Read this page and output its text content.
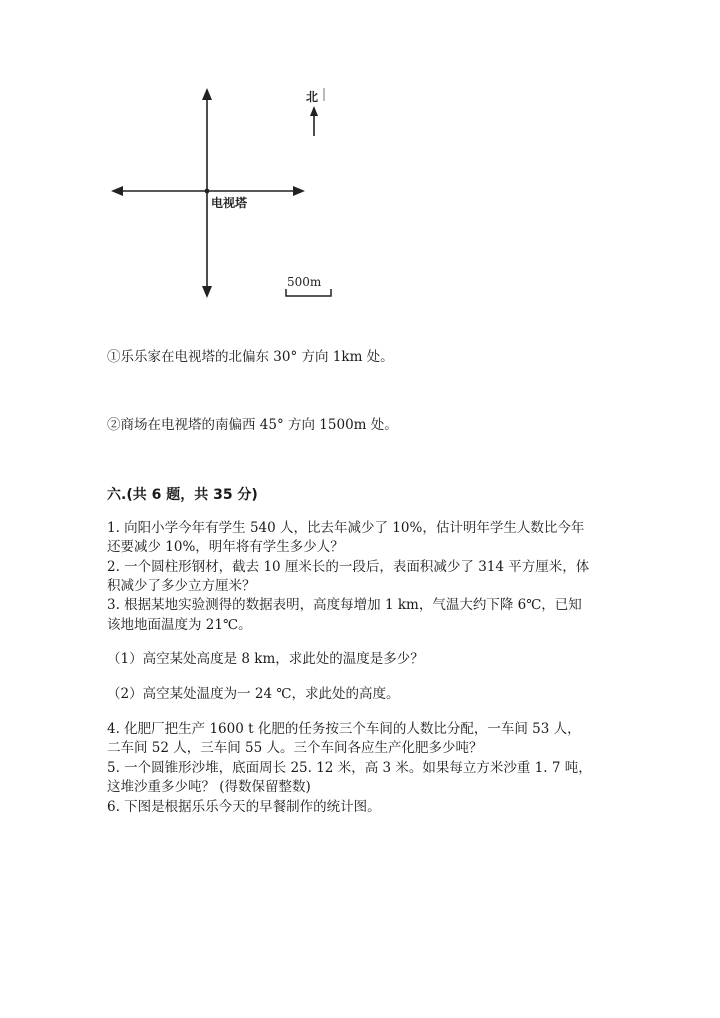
北
电视塔
500m
①乐乐家在电视塔的北偏东 30° 方向 1km 处。
②商场在电视塔的南偏西 45° 方向 1500m 处。
六.(共 6 题，共 35 分)
1. 向阳小学今年有学生 540 人，比去年减少了 10%，估计明年学生人数比今年
还要减少 10%，明年将有学生多少人？
2. 一个圆柱形钢材，截去 10 厘米长的一段后，表面积减少了 314 平方厘米，体
积减少了多少立方厘米？
3. 根据某地实验测得的数据表明，高度每增加 1 km，气温大约下降 6℃，已知
该地地面温度为 21℃。
（1）高空某处高度是 8 km，求此处的温度是多少？
（2）高空某处温度为一 24 ℃，求此处的高度。
4. 化肥厂把生产 1600 t 化肥的任务按三个车间的人数比分配，一车间 53 人，
二车间 52 人，三车间 55 人。三个车间各应生产化肥多少吨？
5. 一个圆锥形沙堆，底面周长 25. 12 米，高 3 米。如果每立方米沙重 1. 7 吨，
这堆沙重多少吨？ (得数保留整数)
6. 下图是根据乐乐今天的早餐制作的统计图。
